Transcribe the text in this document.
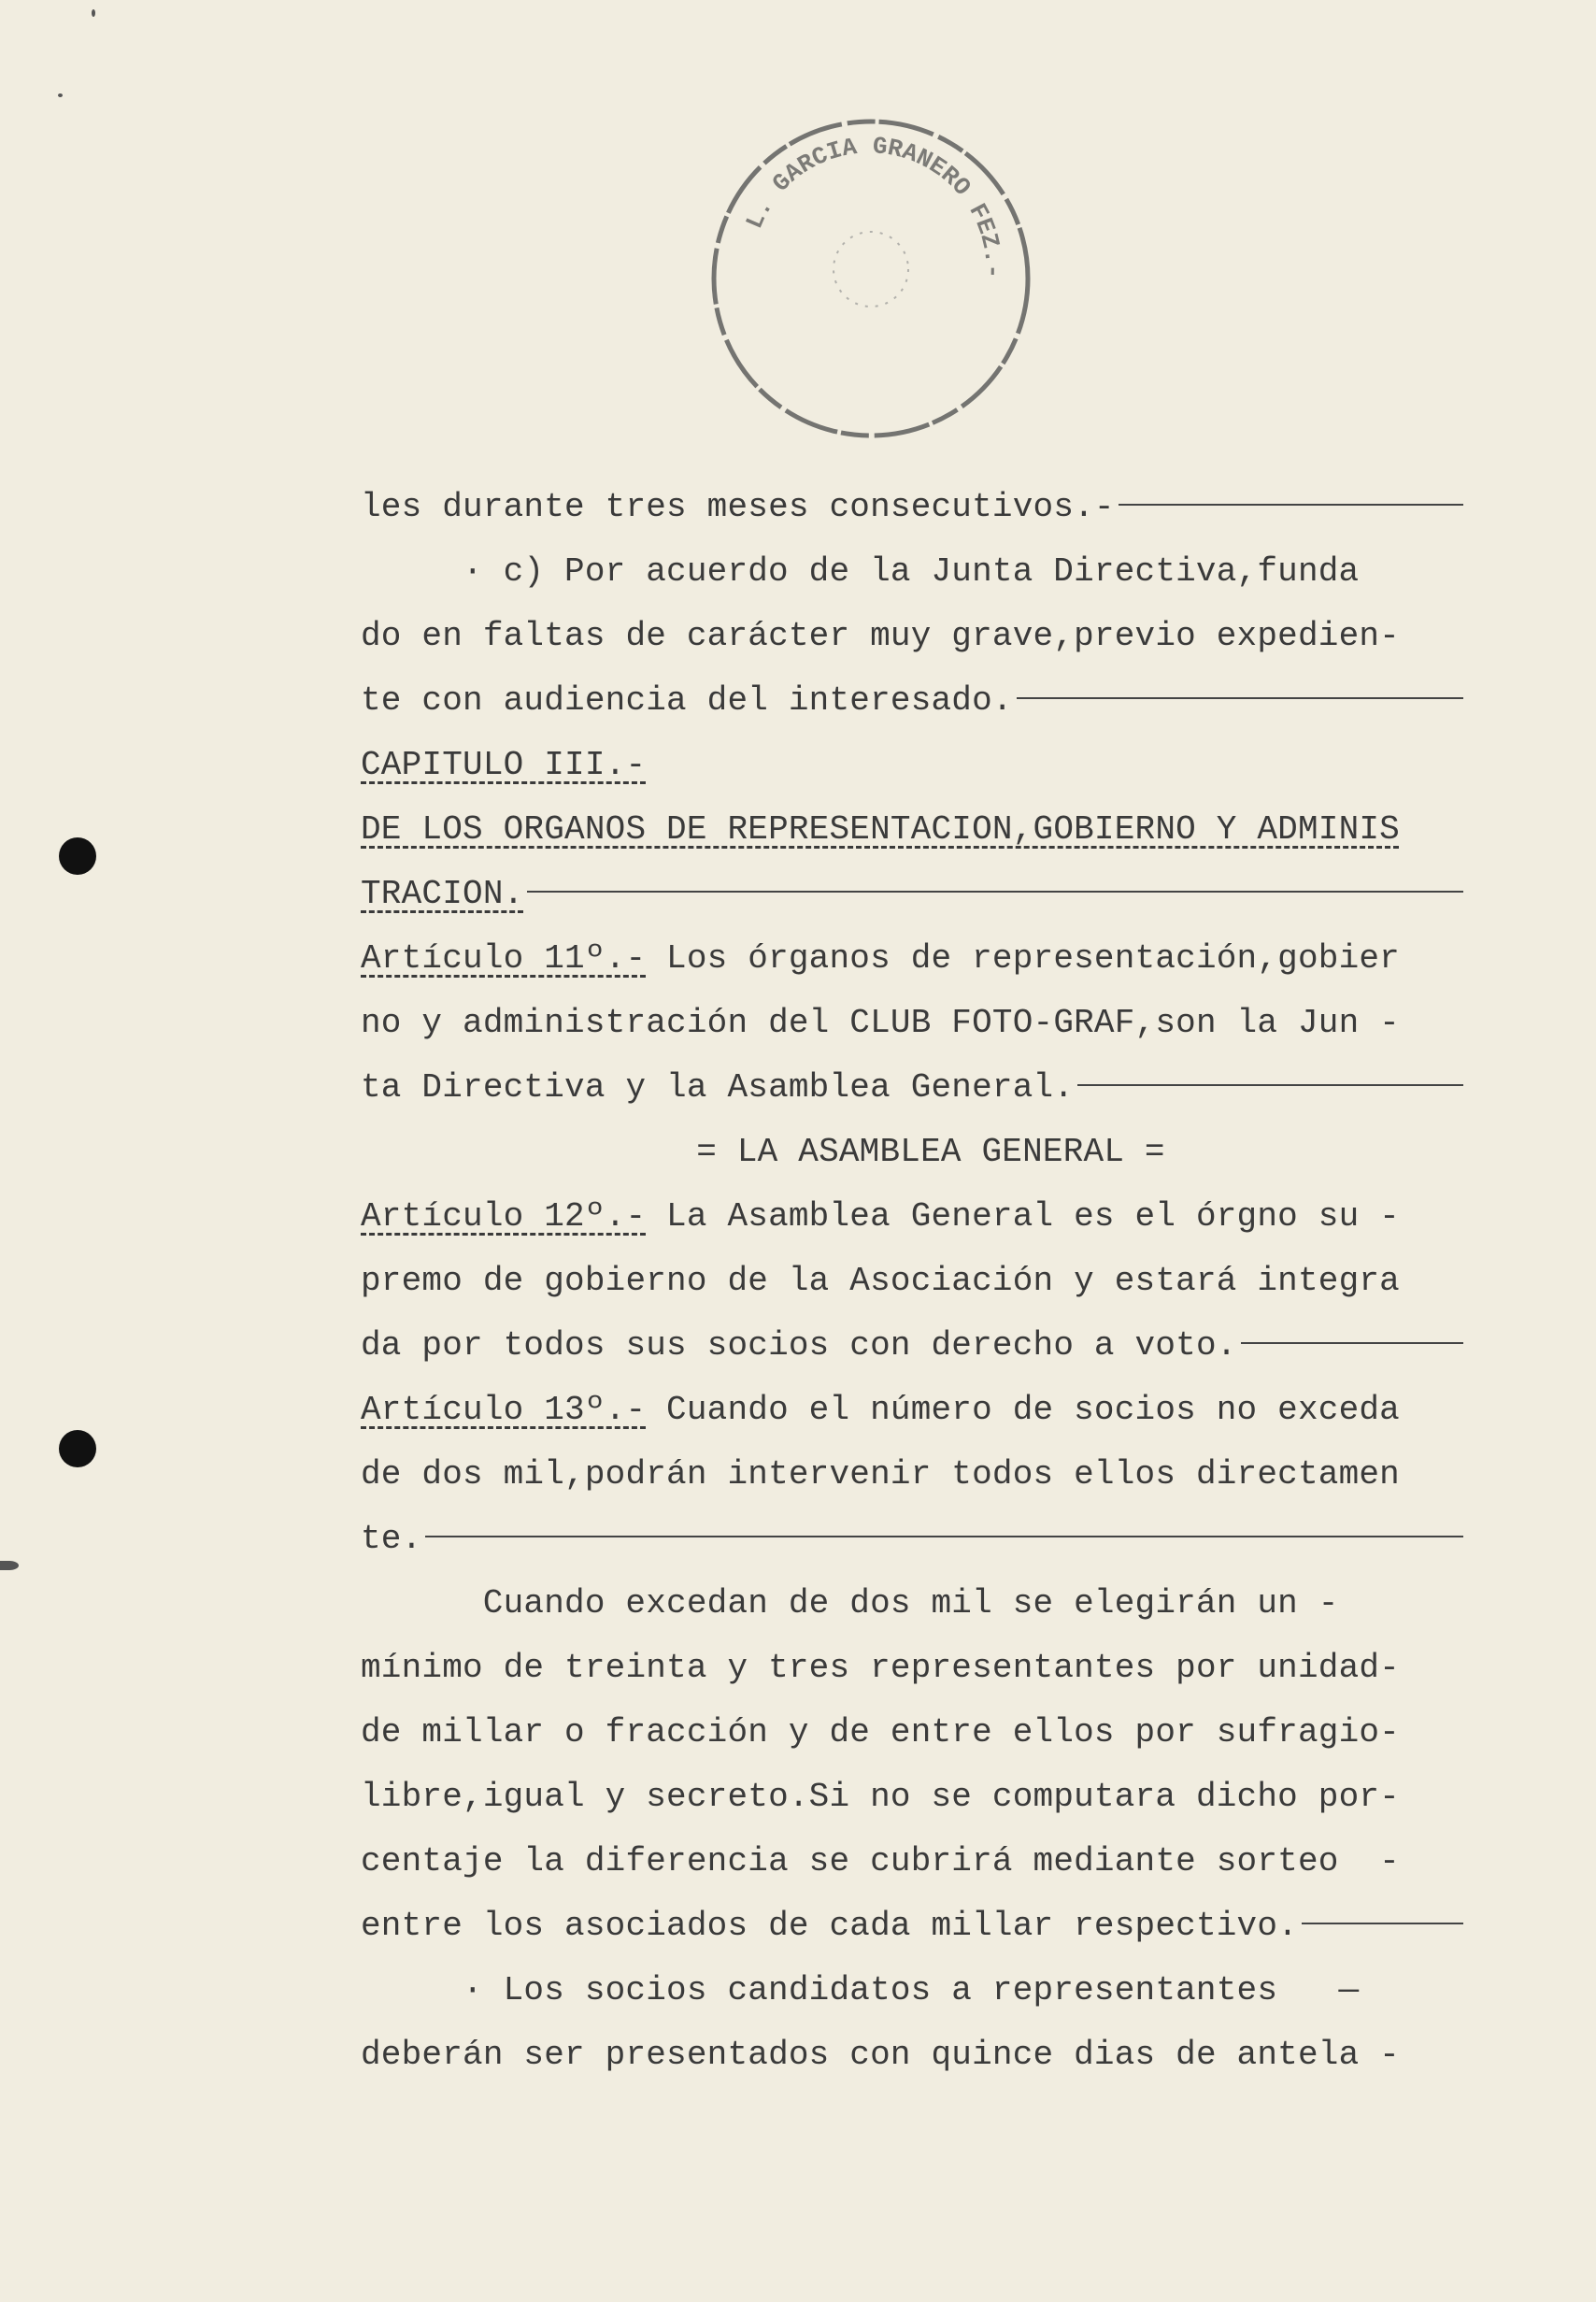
L. GARCIA GRANERO FEZ.-
les durante tres meses consecutivos.-
· c) Por acuerdo de la Junta Directiva,funda
do en faltas de carácter muy grave,previo expedien-
te con audiencia del interesado.
CAPITULO III.-
DE LOS ORGANOS DE REPRESENTACION,GOBIERNO Y ADMINIS
TRACION.
Artículo 11º.- Los órganos de representación,gobier
no y administración del CLUB FOTO-GRAF,son la Jun -
ta Directiva y la Asamblea General.
= LA ASAMBLEA GENERAL =
Artículo 12º.- La Asamblea General es el órgno su -
premo de gobierno de la Asociación y estará integra
da por todos sus socios con derecho a voto.
Artículo 13º.- Cuando el número de socios no exceda
de dos mil,podrán intervenir todos ellos directamen
te.
Cuando excedan de dos mil se elegirán un -
mínimo de treinta y tres representantes por unidad-
de millar o fracción y de entre ellos por sufragio-
libre,igual y secreto.Si no se computara dicho por-
centaje la diferencia se cubrirá mediante sorteo  -
entre los asociados de cada millar respectivo.
· Los socios candidatos a representantes   —
deberán ser presentados con quince dias de antela -
